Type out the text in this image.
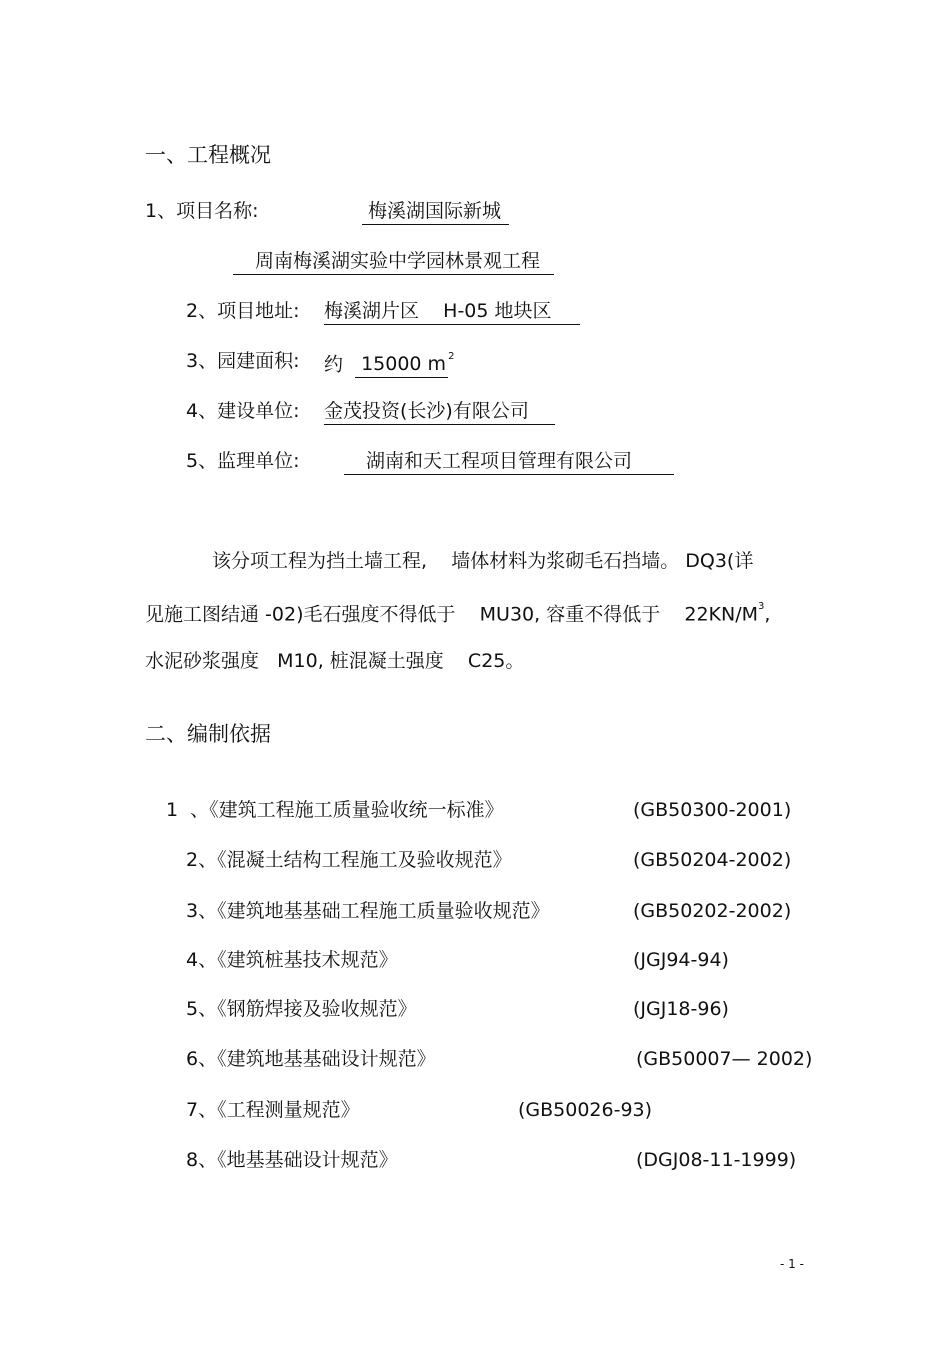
一、工程概况
1、项目名称:	梅溪湖国际新城
周南梅溪湖实验中学园林景观工程
2、项目地址: 梅溪湖片区    H-05 地块区
3、园建面积: 约 15000 m $^2$
4、建设单位: 金茂投资(长沙)有限公司
5、监理单位:	湖南和天工程项目管理有限公司
该分项工程为挡土墙工程,    墙体材料为浆砌毛石挡墙。 DQ3(详
见施工图结通 -02)毛石强度不得低于    MU30, 容重不得低于    $22KN/M^3$,
水泥砂浆强度   M10, 桩混凝土强度    C25。
二、编制依据
1  、《建筑工程施工质量验收统一标准》	(GB50300-2001)
2、《混凝土结构工程施工及验收规范》	(GB50204-2002)
3、《建筑地基基础工程施工质量验收规范》	(GB50202-2002)
4、《建筑桩基技术规范》	(JGJ94-94)
5、《钢筋焊接及验收规范》	(JGJ18-96)
6、《建筑地基基础设计规范》	(GB50007— 2002)
7、《工程测量规范》	(GB50026-93)
8、《地基基础设计规范》	(DGJ08-11-1999)
- 1 -
